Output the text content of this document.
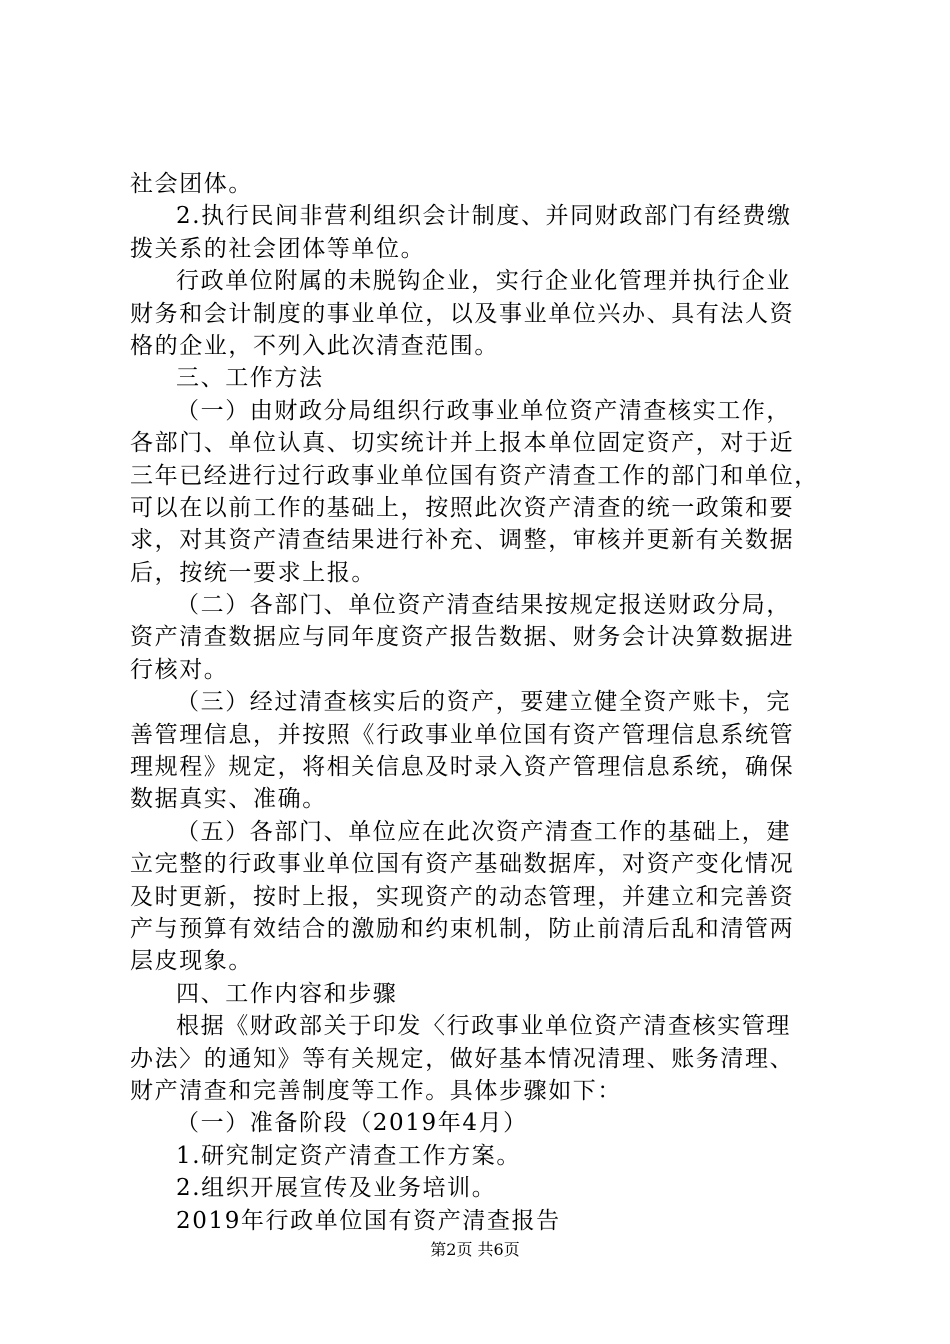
社会团体。
2.执行民间非营利组织会计制度、并同财政部门有经费缴
拨关系的社会团体等单位。
行政单位附属的未脱钩企业，实行企业化管理并执行企业
财务和会计制度的事业单位，以及事业单位兴办、具有法人资
格的企业，不列入此次清查范围。
三、工作方法
（一）由财政分局组织行政事业单位资产清查核实工作，
各部门、单位认真、切实统计并上报本单位固定资产，对于近
三年已经进行过行政事业单位国有资产清查工作的部门和单位，
可以在以前工作的基础上，按照此次资产清查的统一政策和要
求，对其资产清查结果进行补充、调整，审核并更新有关数据
后，按统一要求上报。
（二）各部门、单位资产清查结果按规定报送财政分局，
资产清查数据应与同年度资产报告数据、财务会计决算数据进
行核对。
（三）经过清查核实后的资产，要建立健全资产账卡，完
善管理信息，并按照《行政事业单位国有资产管理信息系统管
理规程》规定，将相关信息及时录入资产管理信息系统，确保
数据真实、准确。
（五）各部门、单位应在此次资产清查工作的基础上，建
立完整的行政事业单位国有资产基础数据库，对资产变化情况
及时更新，按时上报，实现资产的动态管理，并建立和完善资
产与预算有效结合的激励和约束机制，防止前清后乱和清管两
层皮现象。
四、工作内容和步骤
根据《财政部关于印发〈行政事业单位资产清查核实管理
办法〉的通知》等有关规定，做好基本情况清理、账务清理、
财产清查和完善制度等工作。具体步骤如下：
（一）准备阶段（2019年4月）
1.研究制定资产清查工作方案。
2.组织开展宣传及业务培训。
2019年行政单位国有资产清查报告
第2页 共6页
